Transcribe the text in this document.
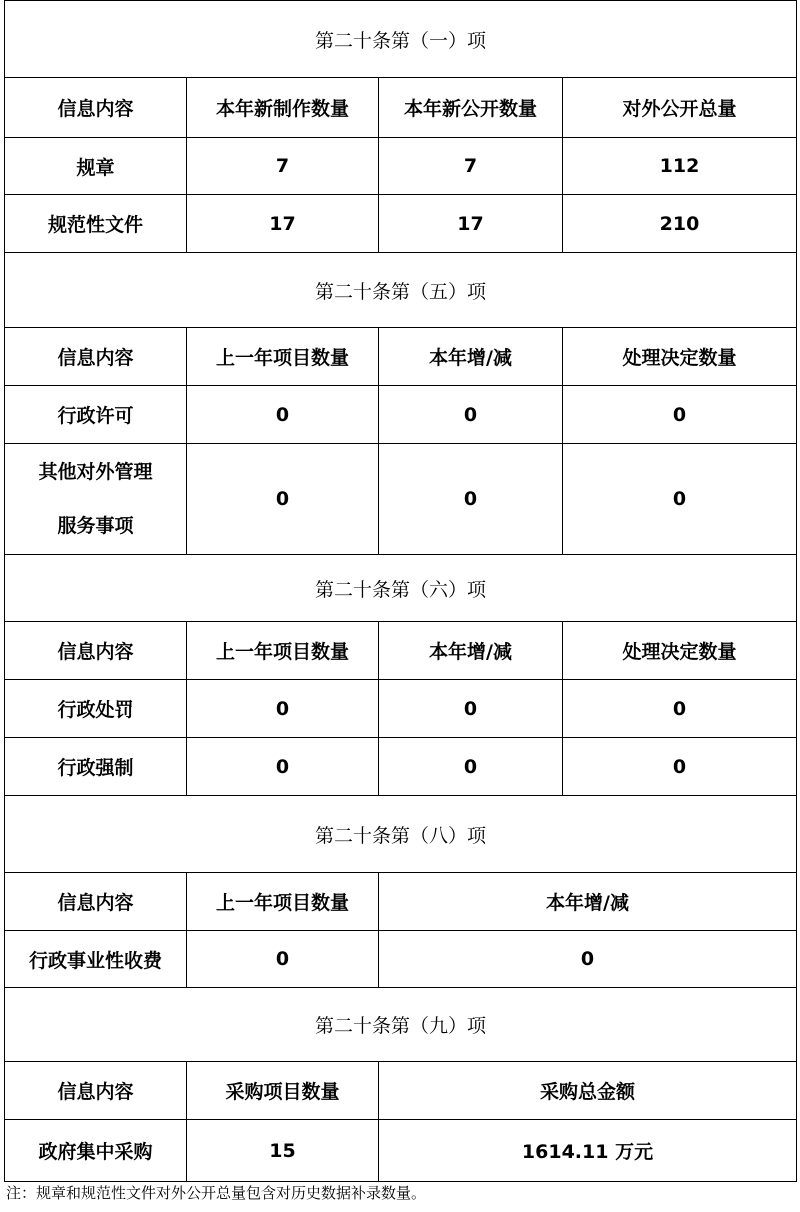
第二十条第（一）项			
信息内容	本年新制作数量	本年新公开数量	对外公开总量
规章	7	7	112
规范性文件	17	17	210
第二十条第（五）项			
信息内容	上一年项目数量	本年增/减	处理决定数量
行政许可	0	0	0

其他对外管理
服务事项	0	0	0
第二十条第（六）项			
信息内容	上一年项目数量	本年增/减	处理决定数量
行政处罚	0	0	0
行政强制	0	0	0
第二十条第（八）项			
信息内容	上一年项目数量	本年增/减	
行政事业性收费	0	0	
第二十条第（九）项			
信息内容	采购项目数量	采购总金额	
政府集中采购	15	1614.11 万元	
注：规章和规范性文件对外公开总量包含对历史数据补录数量。
